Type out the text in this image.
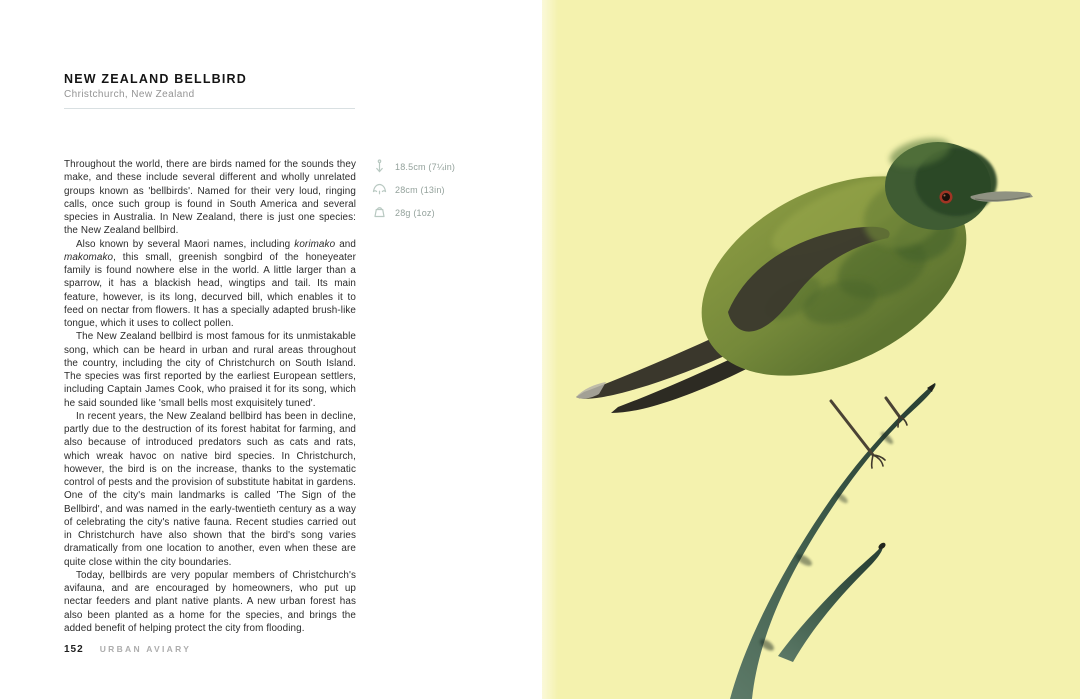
NEW ZEALAND BELLBIRD
Christchurch, New Zealand

Throughout the world, there are birds named for the sounds they make, and these include several different and wholly unrelated groups known as 'bellbirds'. Named for their very loud, ringing calls, once such group is found in South America and several species in Australia. In New Zealand, there is just one species: the New Zealand bellbird.

Also known by several Maori names, including korimako and makomako, this small, greenish songbird of the honeyeater family is found nowhere else in the world. A little larger than a sparrow, it has a blackish head, wingtips and tail. Its main feature, however, is its long, decurved bill, which enables it to feed on nectar from flowers. It has a specially adapted brush-like tongue, which it uses to collect pollen.

The New Zealand bellbird is most famous for its unmistakable song, which can be heard in urban and rural areas throughout the country, including the city of Christchurch on South Island. The species was first reported by the earliest European settlers, including Captain James Cook, who praised it for its song, which he said sounded like 'small bells most exquisitely tuned'.

In recent years, the New Zealand bellbird has been in decline, partly due to the destruction of its forest habitat for farming, and also because of introduced predators such as cats and rats, which wreak havoc on native bird species. In Christchurch, however, the bird is on the increase, thanks to the systematic control of pests and the provision of substitute habitat in gardens. One of the city's main landmarks is called 'The Sign of the Bellbird', and was named in the early-twentieth century as a way of celebrating the city's native fauna. Recent studies carried out in Christchurch have also shown that the bird's song varies dramatically from one location to another, even when these are quite close within the city boundaries.

Today, bellbirds are very popular members of Christchurch's avifauna, and are encouraged by homeowners, who put up nectar feeders and plant native plants. A new urban forest has also been planted as a home for the species, and brings the added benefit of helping protect the city from flooding.

18.5cm (7¼in)
28cm (13in)
28g (1oz)
152 URBAN AVIARY
